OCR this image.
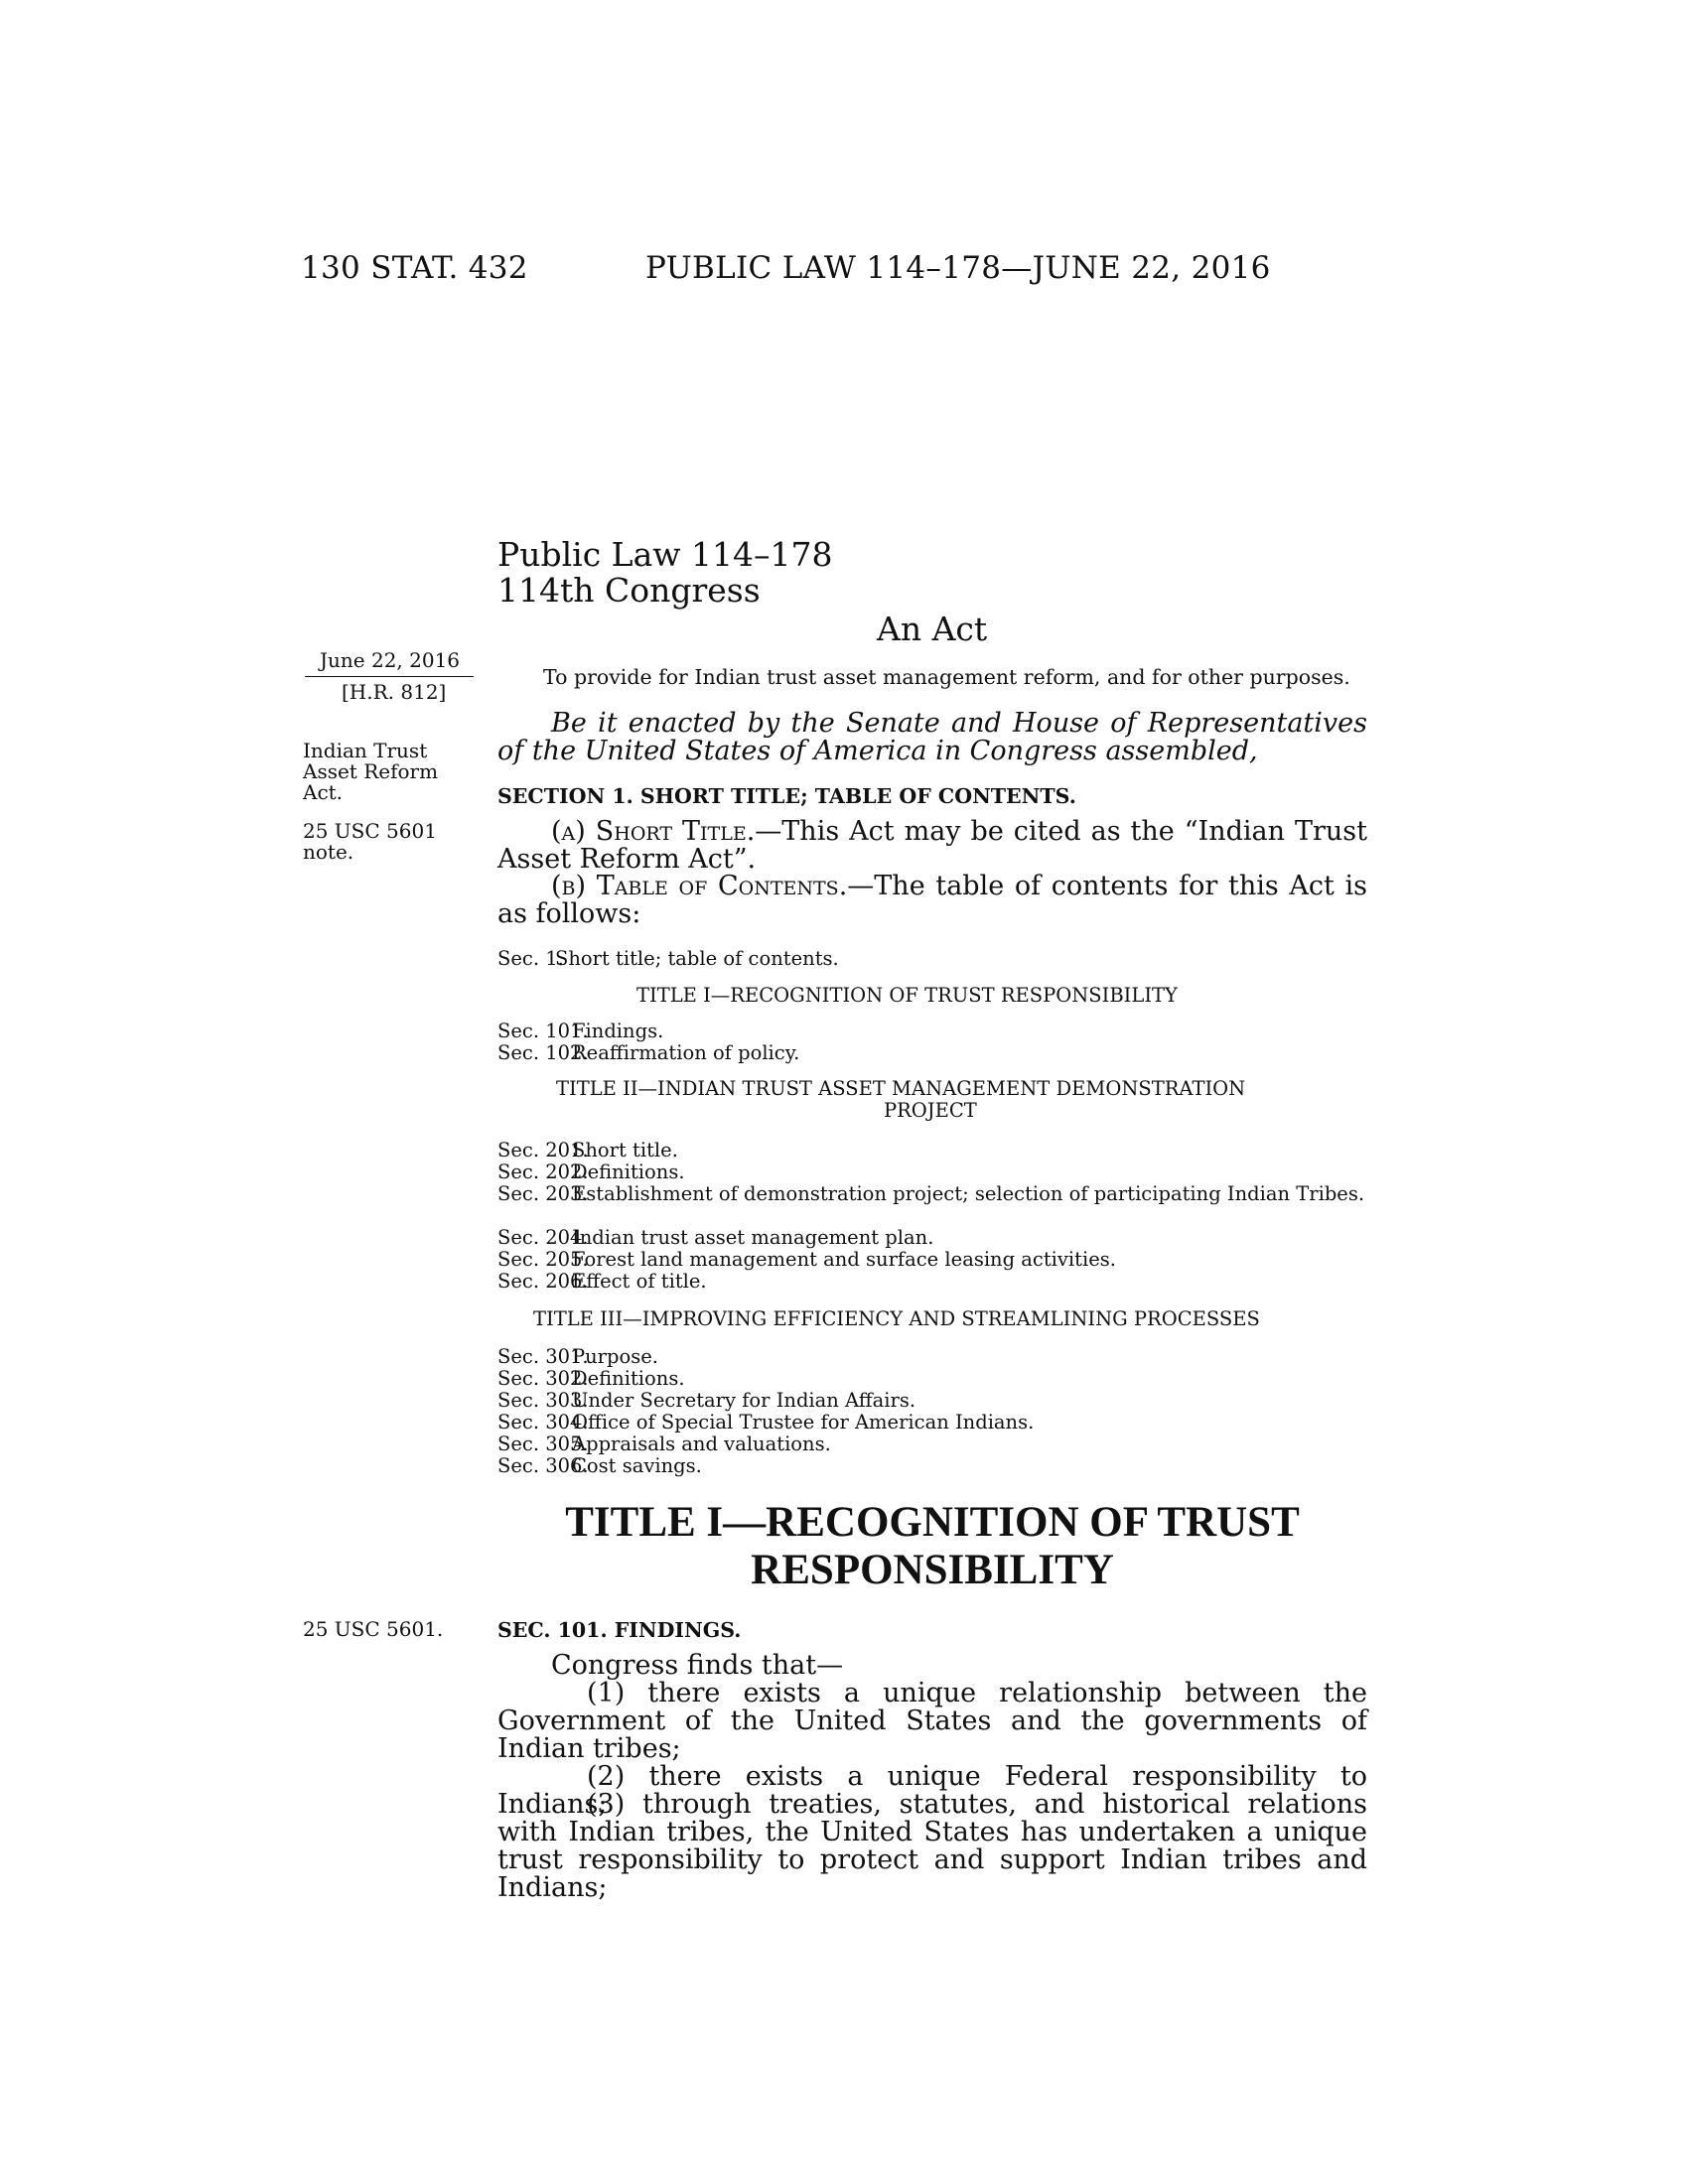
130 STAT. 432	PUBLIC LAW 114–178—JUNE 22, 2016
Public Law 114–178
114th Congress
An Act
June 22, 2016
[H.R. 812]
Indian Trust
Asset Reform
Act.
25 USC 5601
note.
To provide for Indian trust asset management reform, and for other purposes.
Be it enacted by the Senate and House of Representatives of the United States of America in Congress assembled,
SECTION 1. SHORT TITLE; TABLE OF CONTENTS.
(a) Short Title.—This Act may be cited as the “Indian Trust Asset Reform Act”.
(b) Table of Contents.—The table of contents for this Act is as follows:
Sec. 1.
Short title; table of contents.
TITLE I—RECOGNITION OF TRUST RESPONSIBILITY
Sec. 101.
Findings.
Sec. 102.
Reaffirmation of policy.
TITLE II—INDIAN TRUST ASSET MANAGEMENT DEMONSTRATION
PROJECT
Sec. 201.
Short title.
Sec. 202.
Definitions.
Sec. 203.
Establishment of demonstration project; selection of participating Indian Tribes.
Sec. 204.
Indian trust asset management plan.
Sec. 205.
Forest land management and surface leasing activities.
Sec. 206.
Effect of title.
TITLE III—IMPROVING EFFICIENCY AND STREAMLINING PROCESSES
Sec. 301.
Purpose.
Sec. 302.
Definitions.
Sec. 303.
Under Secretary for Indian Affairs.
Sec. 304.
Office of Special Trustee for American Indians.
Sec. 305.
Appraisals and valuations.
Sec. 306.
Cost savings.
TITLE I—RECOGNITION OF TRUST
RESPONSIBILITY
25 USC 5601.	SEC. 101. FINDINGS.
Congress finds that—
(1) there exists a unique relationship between the Government of the United States and the governments of Indian tribes;
(2) there exists a unique Federal responsibility to Indians;
(3) through treaties, statutes, and historical relations with Indian tribes, the United States has undertaken a unique trust responsibility to protect and support Indian tribes and Indians;
